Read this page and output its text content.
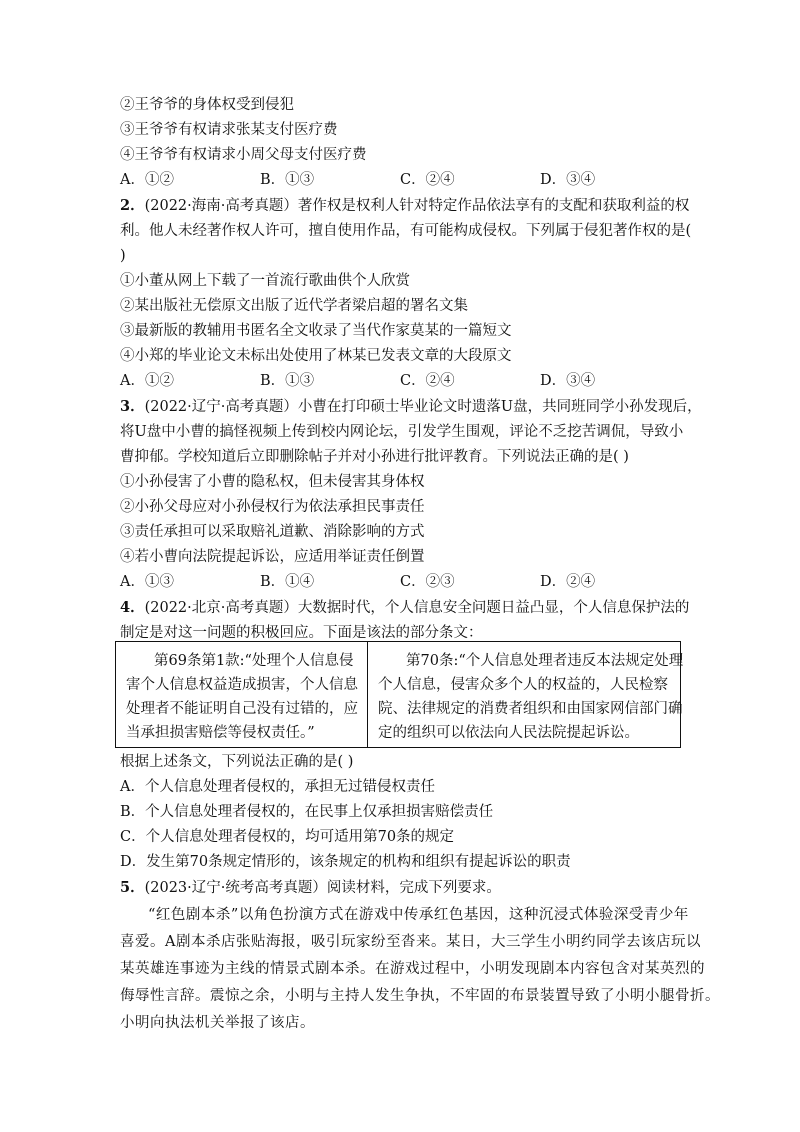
②王爷爷的身体权受到侵犯
③王爷爷有权请求张某支付医疗费
④王爷爷有权请求小周父母支付医疗费
A．①②	B．①③	C．②④	D．③④
2．(2022·海南·高考真题）著作权是权利人针对特定作品依法享有的支配和获取利益的权
利。他人未经著作权人许可，擅自使用作品，有可能构成侵权。下列属于侵犯著作权的是(
)
①小董从网上下载了一首流行歌曲供个人欣赏
②某出版社无偿原文出版了近代学者梁启超的署名文集
③最新版的教辅用书匿名全文收录了当代作家莫某的一篇短文
④小郑的毕业论文未标出处使用了林某已发表文章的大段原文
A．①②	B．①③	C．②④	D．③④
3．(2022·辽宁·高考真题）小曹在打印硕士毕业论文时遗落U盘，共同班同学小孙发现后，
将U盘中小曹的搞怪视频上传到校内网论坛，引发学生围观，评论不乏挖苦调侃，导致小
曹抑郁。学校知道后立即删除帖子并对小孙进行批评教育。下列说法正确的是( )
①小孙侵害了小曹的隐私权，但未侵害其身体权
②小孙父母应对小孙侵权行为依法承担民事责任
③责任承担可以采取赔礼道歉、消除影响的方式
④若小曹向法院提起诉讼，应适用举证责任倒置
A．①③	B．①④	C．②③	D．②④
4．(2022·北京·高考真题）大数据时代，个人信息安全问题日益凸显，个人信息保护法的
制定是对这一问题的积极回应。下面是该法的部分条文：
第69条第1款:“处理个人信息侵
害个人信息权益造成损害，个人信息
处理者不能证明自己没有过错的，应
当承担损害赔偿等侵权责任。”
第70条:“个人信息处理者违反本法规定处理
个人信息，侵害众多个人的权益的，人民检察
院、法律规定的消费者组织和由国家网信部门确
定的组织可以依法向人民法院提起诉讼。
根据上述条文，下列说法正确的是( )
A．个人信息处理者侵权的，承担无过错侵权责任
B．个人信息处理者侵权的，在民事上仅承担损害赔偿责任
C．个人信息处理者侵权的，均可适用第70条的规定
D．发生第70条规定情形的，该条规定的机构和组织有提起诉讼的职责
5．(2023·辽宁·统考高考真题）阅读材料，完成下列要求。
“红色剧本杀”以角色扮演方式在游戏中传承红色基因，这种沉浸式体验深受青少年
喜爱。A剧本杀店张贴海报，吸引玩家纷至沓来。某日，大三学生小明约同学去该店玩以
某英雄连事迹为主线的情景式剧本杀。在游戏过程中，小明发现剧本内容包含对某英烈的
侮辱性言辞。震惊之余，小明与主持人发生争执，不牢固的布景装置导致了小明小腿骨折。
小明向执法机关举报了该店。
